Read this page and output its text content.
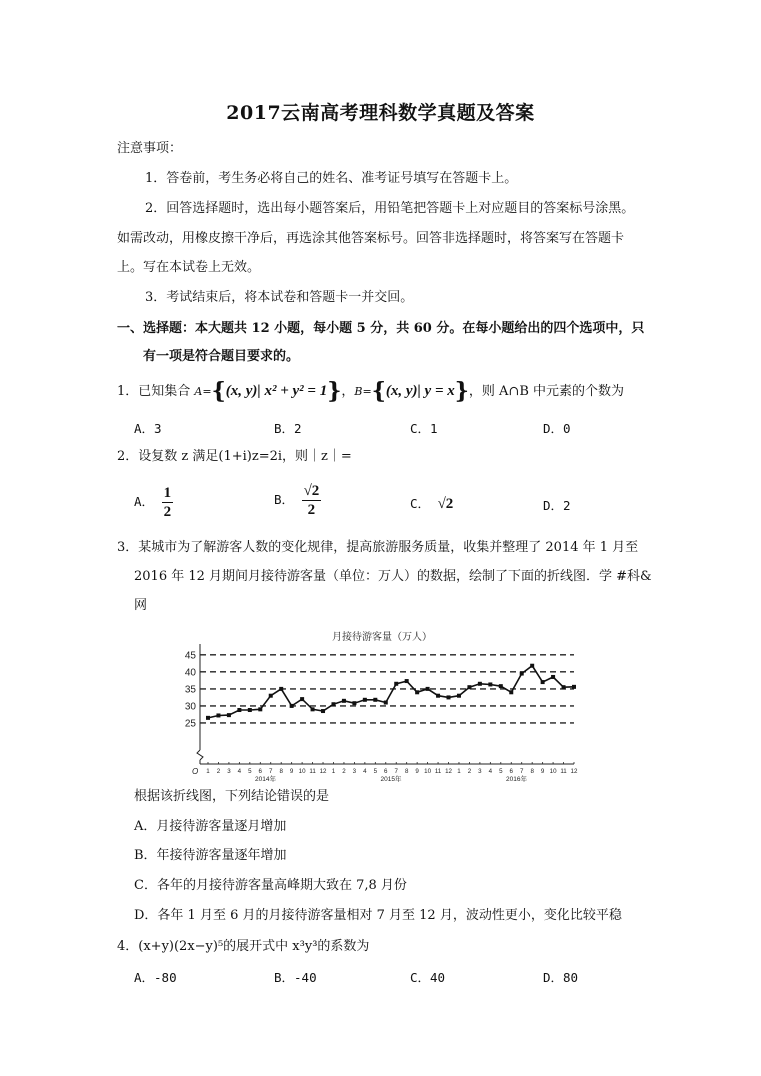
2017云南高考理科数学真题及答案
注意事项：
1．答卷前，考生务必将自己的姓名、准考证号填写在答题卡上。
2．回答选择题时，选出每小题答案后，用铅笔把答题卡上对应题目的答案标号涂黑。
如需改动，用橡皮擦干净后，再选涂其他答案标号。回答非选择题时，将答案写在答题卡
上。写在本试卷上无效。
3．考试结束后，将本试卷和答题卡一并交回。
一、选择题：本大题共 12 小题，每小题 5 分，共 60 分。在每小题给出的四个选项中，只
有一项是符合题目要求的。
1．已知集合 A={(x, y)| x² + y² = 1}，B={(x, y)| y = x}，则 A∩B 中元素的个数为
A．3	B．2	C．1	D．0
2．设复数 z 满足(1+i)z=2i，则｜z｜=
A． $\frac{1}{2}$	B． $\frac{√2}{2}$	C． √2	D．2
3．某城市为了解游客人数的变化规律，提高旅游服务质量，收集并整理了 2014 年 1 月至
2016 年 12 月期间月接待游客量（单位：万人）的数据，绘制了下面的折线图．学 #科&
网
月接待游客量（万人）
25
30
35
40
45
O 1 2 3 4 5 6 7 8 9 10 11 12 1 2 3 4 5 6 7 8 9 10 11 12 1 2 3 4 5 6 7 8 9 10 11 12
2014年	2015年	2016年
根据该折线图，下列结论错误的是
A．月接待游客量逐月增加
B．年接待游客量逐年增加
C．各年的月接待游客量高峰期大致在 7,8 月份
D．各年 1 月至 6 月的月接待游客量相对 7 月至 12 月，波动性更小，变化比较平稳
4．(x+y)(2x−y)⁵的展开式中 x³y³的系数为
A．-80	B．-40	C．40	D．80
